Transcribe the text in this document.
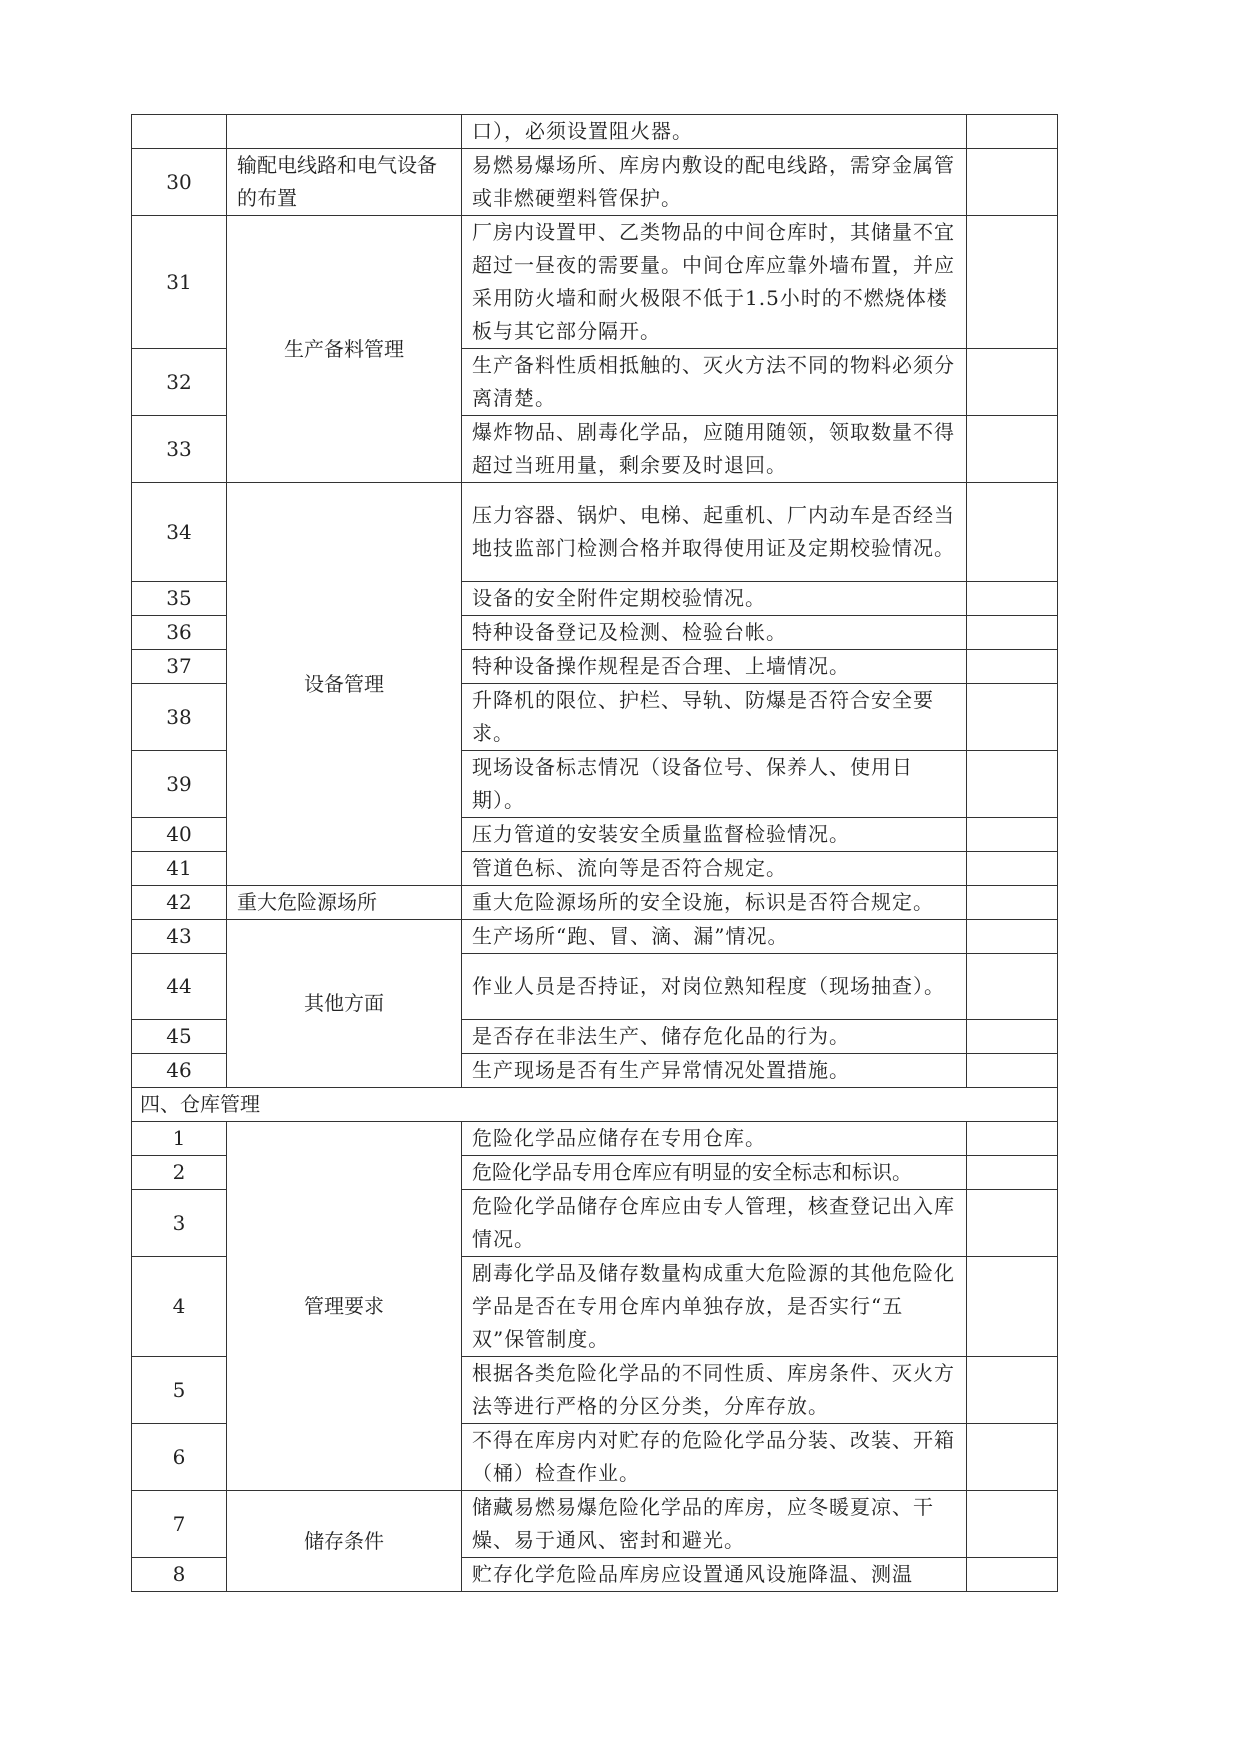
		口），必须设置阻火器。	
30	输配电线路和电气设备的布置	易燃易爆场所、库房内敷设的配电线路，需穿金属管或非燃硬塑料管保护。	
31	生产备料管理	厂房内设置甲、乙类物品的中间仓库时，其储量不宜超过一昼夜的需要量。中间仓库应靠外墙布置，并应采用防火墙和耐火极限不低于1.5小时的不燃烧体楼板与其它部分隔开。	
32		生产备料性质相抵触的、灭火方法不同的物料必须分离清楚。	
33		爆炸物品、剧毒化学品，应随用随领，领取数量不得超过当班用量，剩余要及时退回。	
34	设备管理	压力容器、锅炉、电梯、起重机、厂内动车是否经当地技监部门检测合格并取得使用证及定期校验情况。	
35		设备的安全附件定期校验情况。	
36		特种设备登记及检测、检验台帐。	
37		特种设备操作规程是否合理、上墙情况。	
38		升降机的限位、护栏、导轨、防爆是否符合安全要求。	
39		现场设备标志情况（设备位号、保养人、使用日期）。	
40		压力管道的安装安全质量监督检验情况。	
41		管道色标、流向等是否符合规定。	
42	重大危险源场所	重大危险源场所的安全设施，标识是否符合规定。	
43	其他方面	生产场所“跑、冒、滴、漏”情况。	
44		作业人员是否持证，对岗位熟知程度（现场抽查）。	
45		是否存在非法生产、储存危化品的行为。	
46		生产现场是否有生产异常情况处置措施。	
四、仓库管理			
1	管理要求	危险化学品应储存在专用仓库。	
2		危险化学品专用仓库应有明显的安全标志和标识。	
3		危险化学品储存仓库应由专人管理，核查登记出入库情况。	
4		剧毒化学品及储存数量构成重大危险源的其他危险化学品是否在专用仓库内单独存放，是否实行“五双”保管制度。	
5		根据各类危险化学品的不同性质、库房条件、灭火方法等进行严格的分区分类，分库存放。	
6		不得在库房内对贮存的危险化学品分装、改装、开箱（桶）检查作业。	
7	储存条件	储藏易燃易爆危险化学品的库房，应冬暖夏凉、干燥、易于通风、密封和避光。	
8		贮存化学危险品库房应设置通风设施降温、测温	
